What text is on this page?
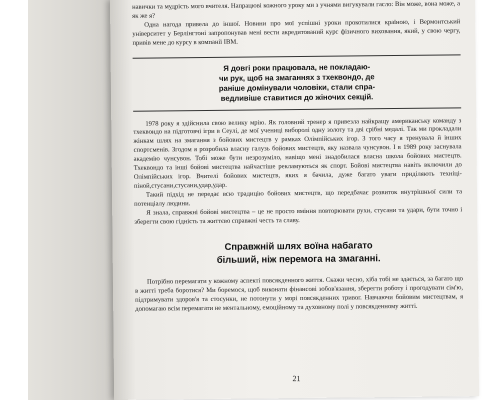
навички та мудрість мого вчителя. Напрацюві кожного уроку ми з учнями вигукували гасло: Він може, вона може, а як же я?

Одна нагода привела до іншої. Новини про мої успішні уроки прокотилися країною, і Вермонтський університет у Берлінгтоні запропонував мені вести акредитований курс фізичного виховання, який, у свою чергу, привів мене до курсу в компанії IBM.

Я довгі роки працювала, не покладаю-
чи рук, щоб на змаганнях з тхеквондо, де
раніше домінували чоловіки, стали спра-
ведливіше ставитися до жіночих секцій.

1978 року я здійснила свою велику мрію. Як головний тренер я привезла найкращу американську команду з тхеквондо на підготовчі ігри в Сеулі, де мої учениці виборолі одну золоту та дві срібні медалі. Так ми прокладали жінкам шлях на змагання з бойових мистецтв у рамках Олімпійських ігор. З того часу я тренувала й інших спортсменів. Згодом я розробила власну галузь бойових мистецтв, яку назвала чунсувон. І в 1989 року заснувала академію чунсувон. Тобі може бути незрозуміло, навіщо мені знадобилася власна школа бойових мистецтв. Тхеквондо та інші бойові мистецтва найчастіше рекламуються як спорт. Бойові мистецтва навіть включили до Олімпійських ігор. Вчителі бойових мистецтв, яких я бачила, дуже багато уваги приділяють техніці-піной,стусани,стусани,удар,удар.

Такий підхід не передає всю традицію бойових мистецтв, що передбачає розвиток внутрішньої сили та потенціалу людини.

Я знала, справжні бойові мистецтва – це не просто вміння повторювати рухи, стусани та удари, бути точно і зберегти свою гідність та життєво справжні честь та славу.

Справжній шлях воїна набагато
більший, ніж перемога на змаганні.

Потрібно перемагати у кожному аспекті повсякденного життя. Скажи чесно, хіба тобі не здається, за багато що в житті треба боротися? Ми боремося, щоб виконати фінансові зобов'язання, зберегти роботу і прогодувати сім'ю, підтримувати здоров'я та стосунки, не потонути у морі повсякденних тривог. Навчаючи бойовим мистецтвам, я допомагаю всім перемагати не ментальному, емоційному та духовному полі у повсякденному житті.

21
